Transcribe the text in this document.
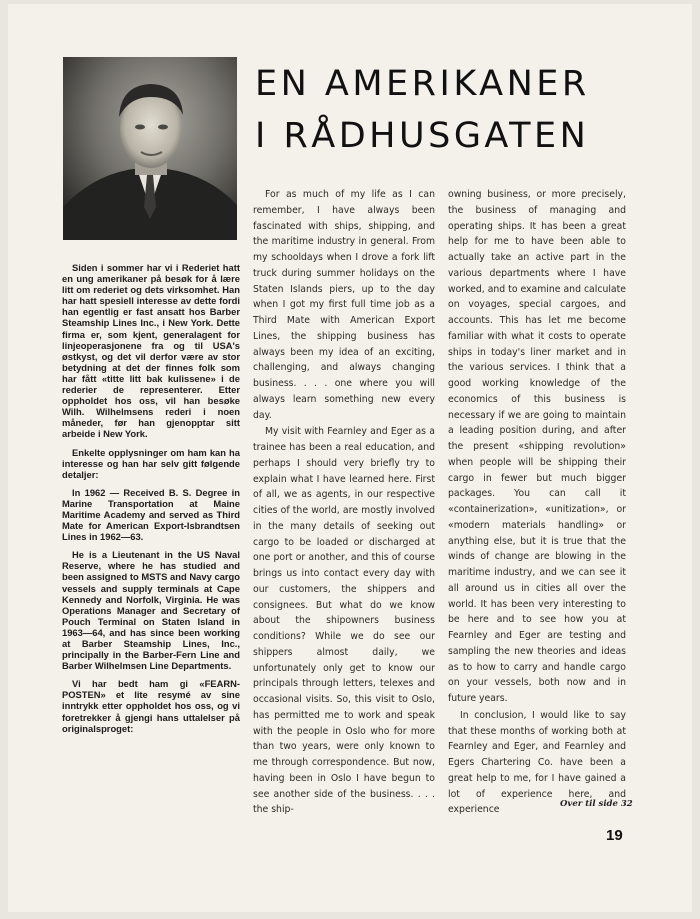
EN AMERIKANER
I RÅDHUSGATEN

Siden i sommer har vi i Rederiet hatt en ung amerikaner på besøk for å lære litt om rederiet og dets virksomhet. Han har hatt spesiell interesse av dette fordi han egentlig er fast ansatt hos Barber Steamship Lines Inc., i New York. Dette firma er, som kjent, generalagent for linjeoperasjonene fra og til USA's østkyst, og det vil derfor være av stor betydning at det der finnes folk som har fått «titte litt bak kulissene» i de rederier de representerer. Etter oppholdet hos oss, vil han besøke Wilh. Wilhelmsens rederi i noen måneder, før han gjenopptar sitt arbeide i New York.

Enkelte opplysninger om ham kan ha interesse og han har selv gitt følgende detaljer:

In 1962 — Received B. S. Degree in Marine Transportation at Maine Maritime Academy and served as Third Mate for American Export-Isbrandtsen Lines in 1962—63.

He is a Lieutenant in the US Naval Reserve, where he has studied and been assigned to MSTS and Navy cargo vessels and supply terminals at Cape Kennedy and Norfolk, Virginia. He was Operations Manager and Secretary of Pouch Terminal on Staten Island in 1963—64, and has since been working at Barber Steamship Lines, Inc., principally in the Barber-Fern Line and Barber Wilhelmsen Line Departments.

Vi har bedt ham gi «FEARN-POSTEN» et lite resymé av sine inntrykk etter oppholdet hos oss, og vi foretrekker å gjengi hans uttalelser på originalsproget:

For as much of my life as I can remember, I have always been fascinated with ships, shipping, and the maritime industry in general. From my schooldays when I drove a fork lift truck during summer holidays on the Staten Islands piers, up to the day when I got my first full time job as a Third Mate with American Export Lines, the shipping business has always been my idea of an exciting, challenging, and always changing business. . . . one where you will always learn something new every day.

My visit with Fearnley and Eger as a trainee has been a real education, and perhaps I should very briefly try to explain what I have learned here. First of all, we as agents, in our respective cities of the world, are mostly involved in the many details of seeking out cargo to be loaded or discharged at one port or another, and this of course brings us into contact every day with our customers, the shippers and consignees. But what do we know about the shipowners business conditions? While we do see our shippers almost daily, we unfortunately only get to know our principals through letters, telexes and occasional visits. So, this visit to Oslo, has permitted me to work and speak with the people in Oslo who for more than two years, were only known to me through correspondence. But now, having been in Oslo I have begun to see another side of the business. . . . the ship-

owning business, or more precisely, the business of managing and operating ships. It has been a great help for me to have been able to actually take an active part in the various departments where I have worked, and to examine and calculate on voyages, special cargoes, and accounts. This has let me become familiar with what it costs to operate ships in today's liner market and in the various services. I think that a good working knowledge of the economics of this business is necessary if we are going to maintain a leading position during, and after the present «shipping revolution» when people will be shipping their cargo in fewer but much bigger packages. You can call it «containerization», «unitization», or «modern materials handling» or anything else, but it is true that the winds of change are blowing in the maritime industry, and we can see it all around us in cities all over the world. It has been very interesting to be here and to see how you at Fearnley and Eger are testing and sampling the new theories and ideas as to how to carry and handle cargo on your vessels, both now and in future years.

In conclusion, I would like to say that these months of working both at Fearnley and Eger, and Fearnley and Egers Chartering Co. have been a great help to me, for I have gained a lot of experience here, and experience

Over til side 32
19
